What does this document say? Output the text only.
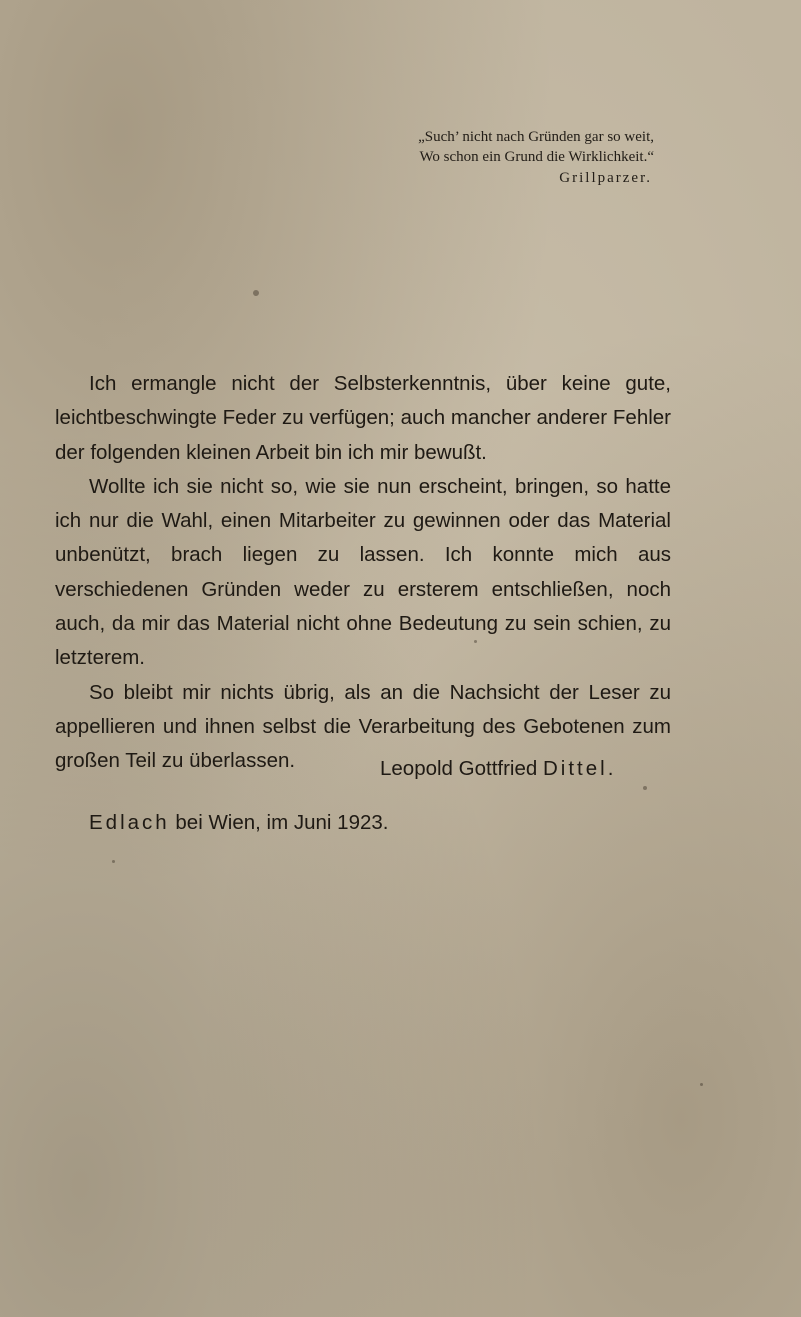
„Such’ nicht nach Gründen gar so weit,
Wo schon ein Grund die Wirklichkeit.“
Grillparzer.

Ich ermangle nicht der Selbsterkenntnis, über keine gute, leichtbeschwingte Feder zu verfügen; auch mancher anderer Fehler der folgenden kleinen Arbeit bin ich mir bewußt.

Wollte ich sie nicht so, wie sie nun erscheint, bringen, so hatte ich nur die Wahl, einen Mitarbeiter zu gewinnen oder das Material unbenützt, brach liegen zu lassen. Ich konnte mich aus verschiedenen Gründen weder zu ersterem entschließen, noch auch, da mir das Material nicht ohne Bedeutung zu sein schien, zu letzterem.

So bleibt mir nichts übrig, als an die Nachsicht der Leser zu appellieren und ihnen selbst die Verarbeitung des Gebotenen zum großen Teil zu überlassen.	Leopold Gottfried Dittel.
Edlach bei Wien, im Juni 1923.
